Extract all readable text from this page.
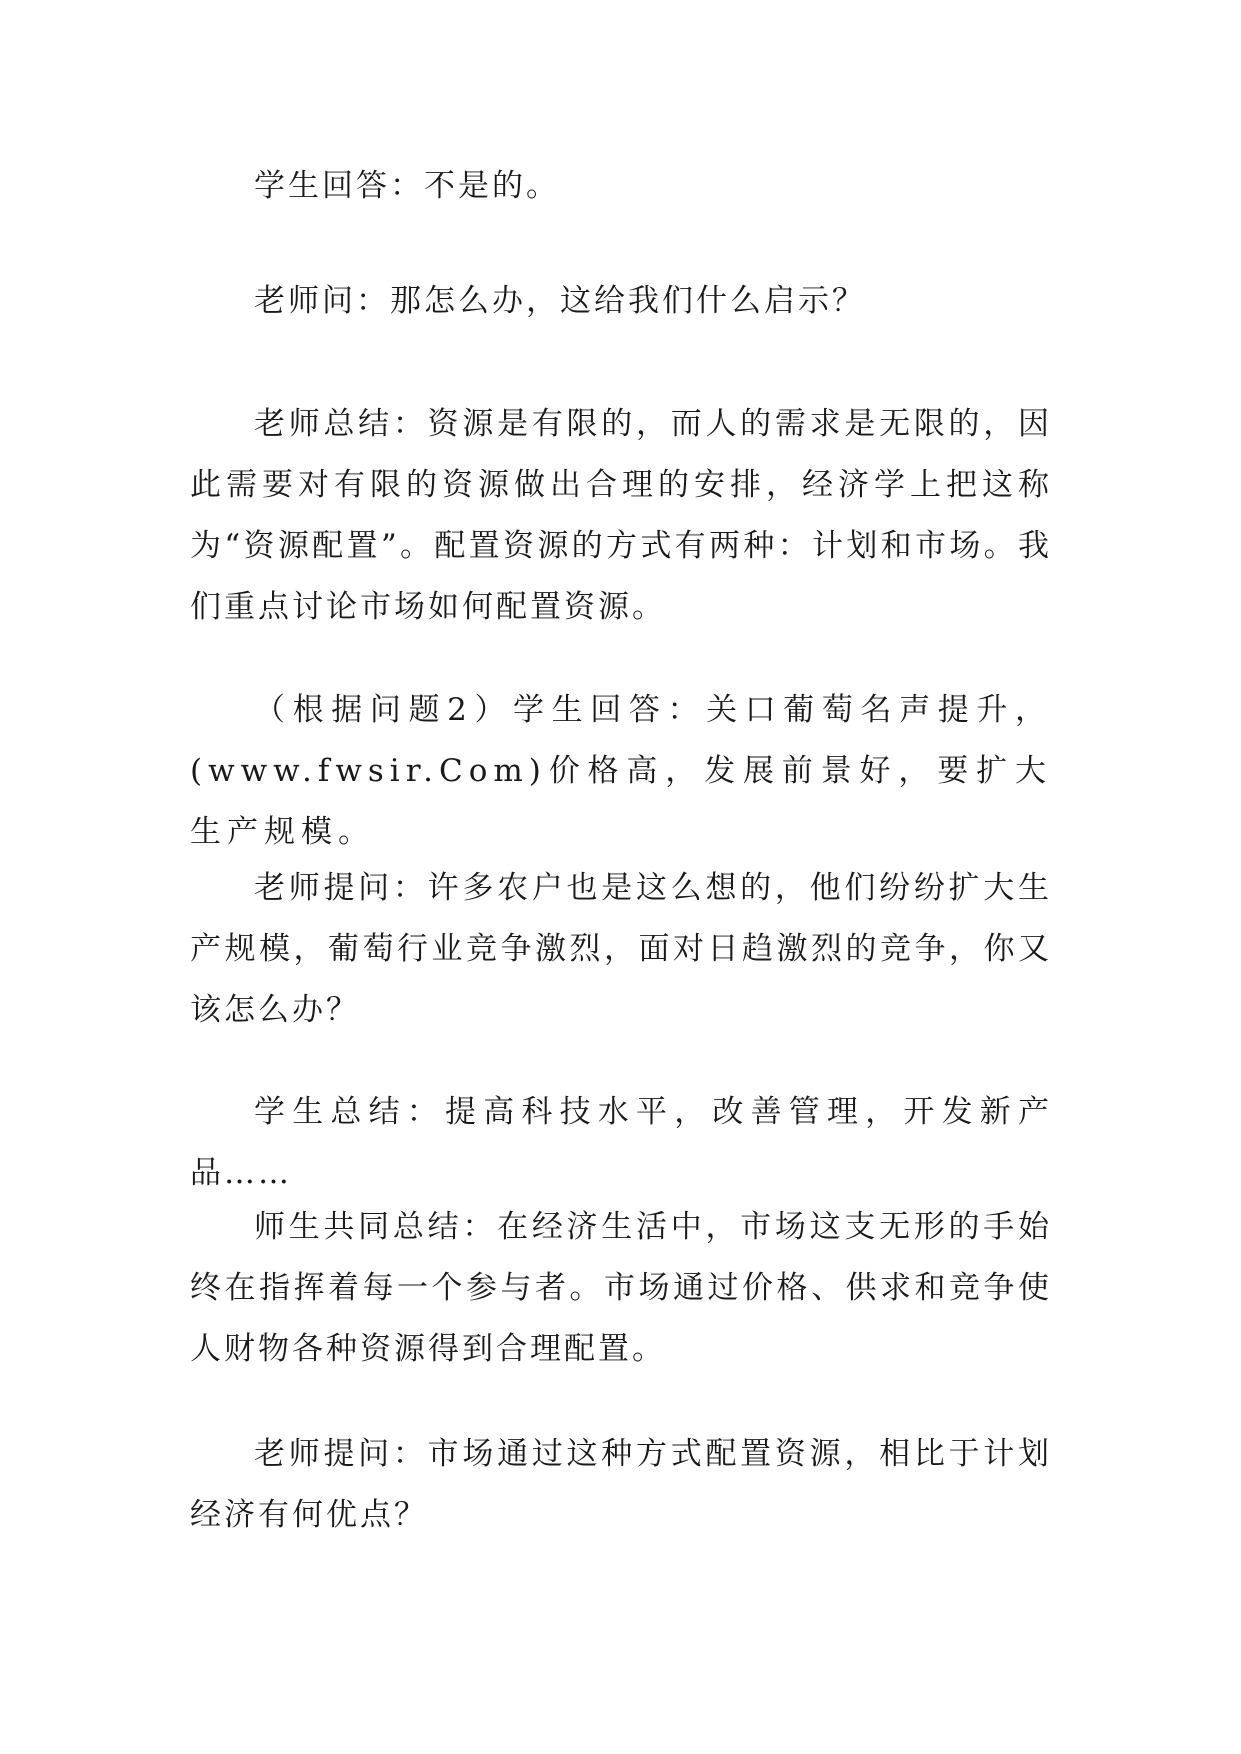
学生回答：不是的。

老师问：那怎么办，这给我们什么启示？

老师总结：资源是有限的，而人的需求是无限的，因此需要对有限的资源做出合理的安排，经济学上把这称为“资源配置”。配置资源的方式有两种：计划和市场。我们重点讨论市场如何配置资源。

（根据问题2）学生回答：关口葡萄名声提升，(www.fwsir.Com)价格高，发展前景好，要扩大生产规模。

老师提问：许多农户也是这么想的，他们纷纷扩大生产规模，葡萄行业竞争激烈，面对日趋激烈的竞争，你又该怎么办？

学生总结：提高科技水平，改善管理，开发新产品……

师生共同总结：在经济生活中，市场这支无形的手始终在指挥着每一个参与者。市场通过价格、供求和竞争使人财物各种资源得到合理配置。

老师提问：市场通过这种方式配置资源，相比于计划经济有何优点？
